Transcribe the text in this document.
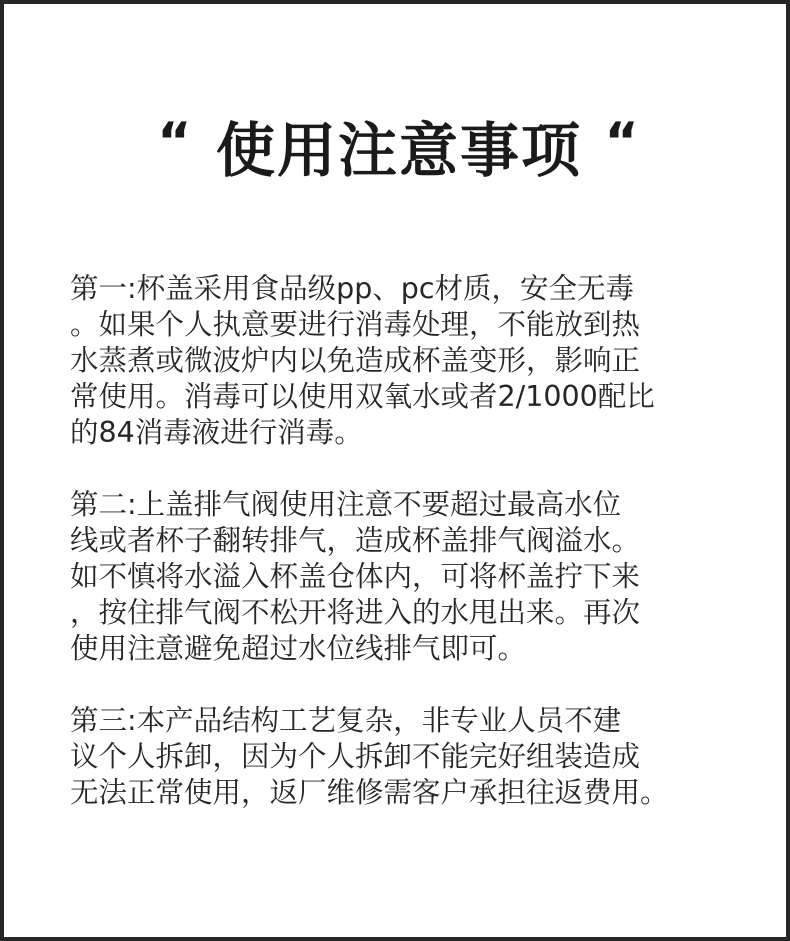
“ 使用注意事项 “
第一:杯盖采用食品级pp、pc材质，安全无毒
。如果个人执意要进行消毒处理，不能放到热
水蒸煮或微波炉内以免造成杯盖变形，影响正
常使用。消毒可以使用双氧水或者2/1000配比
的84消毒液进行消毒。
第二:上盖排气阀使用注意不要超过最高水位
线或者杯子翻转排气，造成杯盖排气阀溢水。
如不慎将水溢入杯盖仓体内，可将杯盖拧下来
，按住排气阀不松开将进入的水甩出来。再次
使用注意避免超过水位线排气即可。
第三:本产品结构工艺复杂，非专业人员不建
议个人拆卸，因为个人拆卸不能完好组装造成
无法正常使用，返厂维修需客户承担往返费用。
